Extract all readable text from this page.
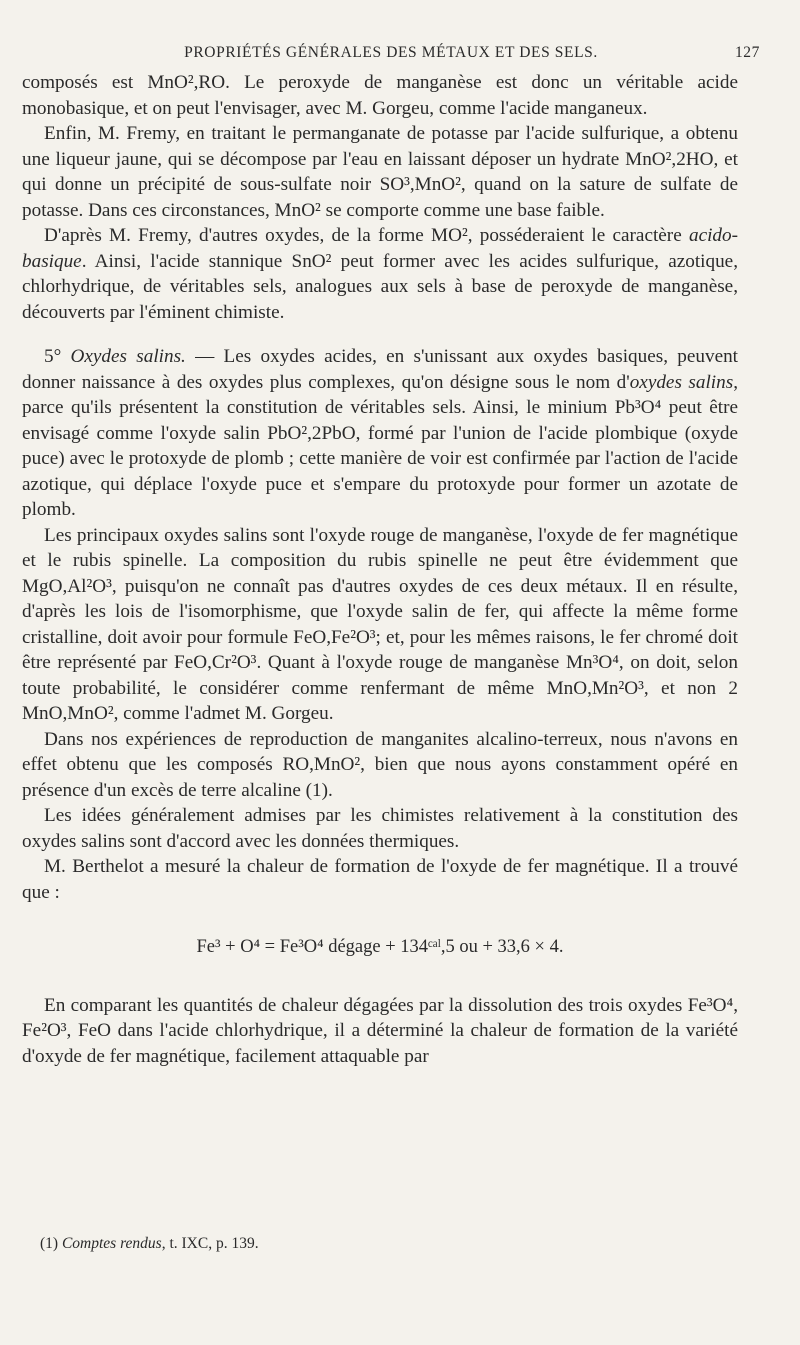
PROPRIÉTÉS GÉNÉRALES DES MÉTAUX ET DES SELS.	127

composés est MnO²,RO. Le peroxyde de manganèse est donc un véritable acide monobasique, et on peut l'envisager, avec M. Gorgeu, comme l'acide manganeux.

Enfin, M. Fremy, en traitant le permanganate de potasse par l'acide sulfurique, a obtenu une liqueur jaune, qui se décompose par l'eau en laissant déposer un hydrate MnO²,2HO, et qui donne un précipité de sous-sulfate noir SO³,MnO², quand on la sature de sulfate de potasse. Dans ces circonstances, MnO² se comporte comme une base faible.

D'après M. Fremy, d'autres oxydes, de la forme MO², posséderaient le caractère acido-basique. Ainsi, l'acide stannique SnO² peut former avec les acides sulfurique, azotique, chlorhydrique, de véritables sels, analogues aux sels à base de peroxyde de manganèse, découverts par l'éminent chimiste.

5° Oxydes salins. — Les oxydes acides, en s'unissant aux oxydes basiques, peuvent donner naissance à des oxydes plus complexes, qu'on désigne sous le nom d'oxydes salins, parce qu'ils présentent la constitution de véritables sels. Ainsi, le minium Pb³O⁴ peut être envisagé comme l'oxyde salin PbO²,2PbO, formé par l'union de l'acide plombique (oxyde puce) avec le protoxyde de plomb ; cette manière de voir est confirmée par l'action de l'acide azotique, qui déplace l'oxyde puce et s'empare du protoxyde pour former un azotate de plomb.

Les principaux oxydes salins sont l'oxyde rouge de manganèse, l'oxyde de fer magnétique et le rubis spinelle. La composition du rubis spinelle ne peut être évidemment que MgO,Al²O³, puisqu'on ne connaît pas d'autres oxydes de ces deux métaux. Il en résulte, d'après les lois de l'isomorphisme, que l'oxyde salin de fer, qui affecte la même forme cristalline, doit avoir pour formule FeO,Fe²O³; et, pour les mêmes raisons, le fer chromé doit être représenté par FeO,Cr²O³. Quant à l'oxyde rouge de manganèse Mn³O⁴, on doit, selon toute probabilité, le considérer comme renfermant de même MnO,Mn²O³, et non 2 MnO,MnO², comme l'admet M. Gorgeu.

Dans nos expériences de reproduction de manganites alcalino-terreux, nous n'avons en effet obtenu que les composés RO,MnO², bien que nous ayons constamment opéré en présence d'un excès de terre alcaline (1).

Les idées généralement admises par les chimistes relativement à la constitution des oxydes salins sont d'accord avec les données thermiques.

M. Berthelot a mesuré la chaleur de formation de l'oxyde de fer magnétique. Il a trouvé que :

Fe³ + O⁴ = Fe³O⁴ dégage + 134ᶜᵃˡ,5 ou + 33,6 × 4.

En comparant les quantités de chaleur dégagées par la dissolution des trois oxydes Fe³O⁴, Fe²O³, FeO dans l'acide chlorhydrique, il a déterminé la chaleur de formation de la variété d'oxyde de fer magnétique, facilement attaquable par

(1) Comptes rendus, t. IXC, p. 139.
